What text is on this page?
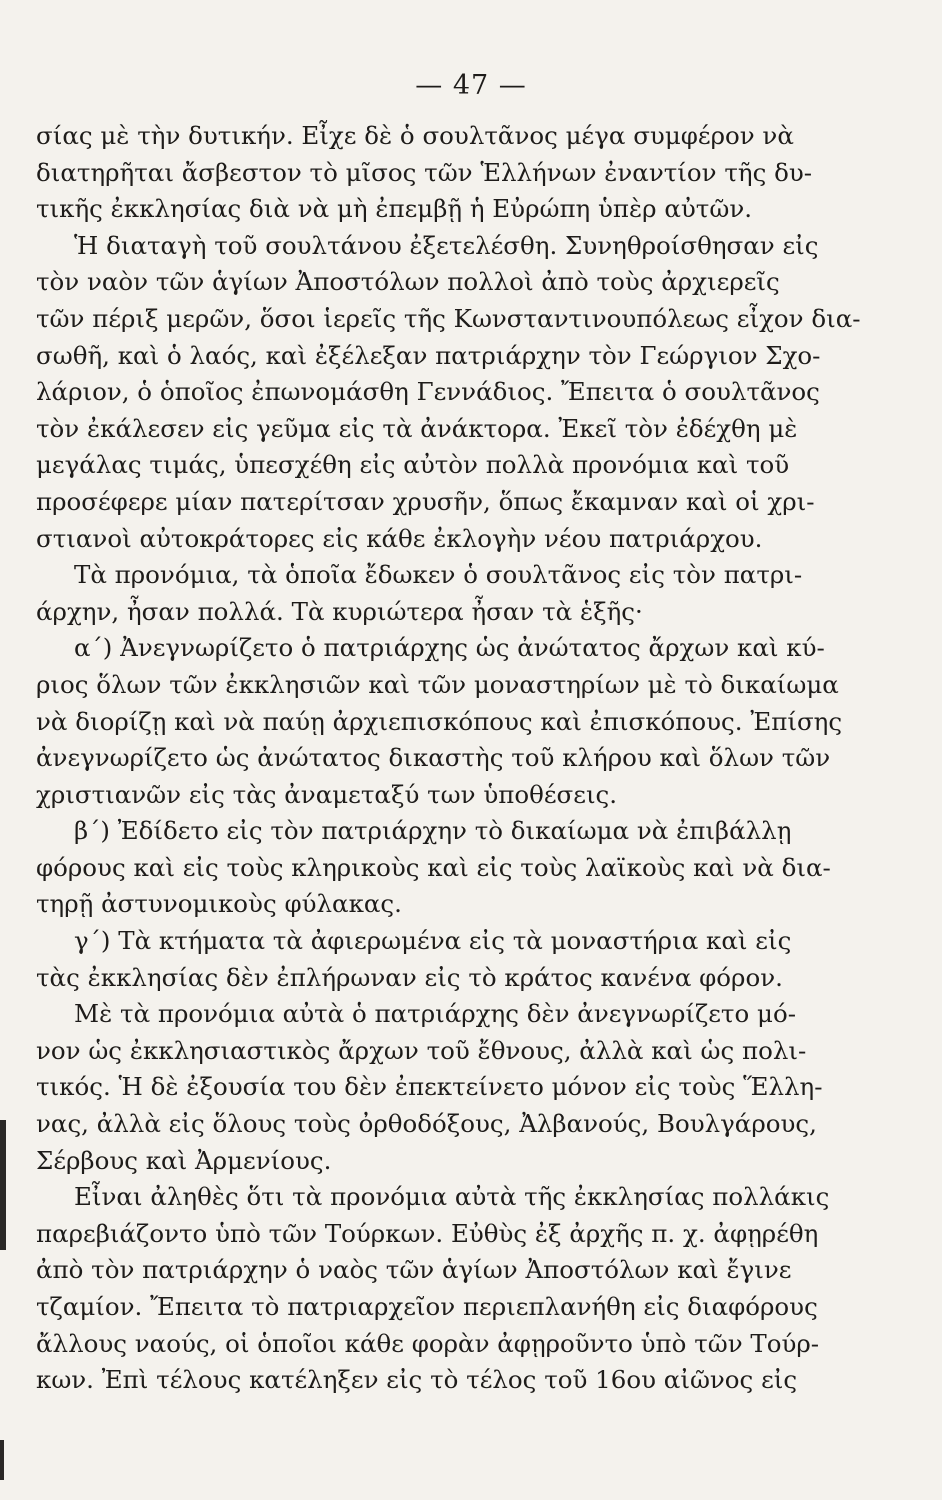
— 47 —
σίας μὲ τὴν δυτικήν. Εἶχε δὲ ὁ σουλτᾶνος μέγα συμφέρον νὰ
διατηρῆται ἄσβεστον τὸ μῖσος τῶν Ἑλλήνων ἐναντίον τῆς δυ-
τικῆς ἐκκλησίας διὰ νὰ μὴ ἐπεμβῇ ἡ Εὐρώπη ὑπὲρ αὐτῶν.
Ἡ διαταγὴ τοῦ σουλτάνου ἐξετελέσθη. Συνηθροίσθησαν εἰς
τὸν ναὸν τῶν ἁγίων Ἀποστόλων πολλοὶ ἀπὸ τοὺς ἀρχιερεῖς
τῶν πέριξ μερῶν, ὅσοι ἱερεῖς τῆς Κωνσταντινουπόλεως εἶχον δια-
σωθῆ, καὶ ὁ λαός, καὶ ἐξέλεξαν πατριάρχην τὸν Γεώργιον Σχο-
λάριον, ὁ ὁποῖος ἐπωνομάσθη Γεννάδιος. Ἔπειτα ὁ σουλτᾶνος
τὸν ἐκάλεσεν εἰς γεῦμα εἰς τὰ ἀνάκτορα. Ἐκεῖ τὸν ἐδέχθη μὲ
μεγάλας τιμάς, ὑπεσχέθη εἰς αὐτὸν πολλὰ προνόμια καὶ τοῦ
προσέφερε μίαν πατερίτσαν χρυσῆν, ὅπως ἔκαμναν καὶ οἱ χρι-
στιανοὶ αὐτοκράτορες εἰς κάθε ἐκλογὴν νέου πατριάρχου.
Τὰ προνόμια, τὰ ὁποῖα ἔδωκεν ὁ σουλτᾶνος εἰς τὸν πατρι-
άρχην, ἦσαν πολλά. Τὰ κυριώτερα ἦσαν τὰ ἑξῆς·
α΄) Ἀνεγνωρίζετο ὁ πατριάρχης ὡς ἀνώτατος ἄρχων καὶ κύ-
ριος ὅλων τῶν ἐκκλησιῶν καὶ τῶν μοναστηρίων μὲ τὸ δικαίωμα
νὰ διορίζῃ καὶ νὰ παύῃ ἀρχιεπισκόπους καὶ ἐπισκόπους. Ἐπίσης
ἀνεγνωρίζετο ὡς ἀνώτατος δικαστὴς τοῦ κλήρου καὶ ὅλων τῶν
χριστιανῶν εἰς τὰς ἀναμεταξύ των ὑποθέσεις.
β΄) Ἐδίδετο εἰς τὸν πατριάρχην τὸ δικαίωμα νὰ ἐπιβάλλῃ
φόρους καὶ εἰς τοὺς κληρικοὺς καὶ εἰς τοὺς λαϊκοὺς καὶ νὰ δια-
τηρῇ ἀστυνομικοὺς φύλακας.
γ΄) Τὰ κτήματα τὰ ἀφιερωμένα εἰς τὰ μοναστήρια καὶ εἰς
τὰς ἐκκλησίας δὲν ἐπλήρωναν εἰς τὸ κράτος κανένα φόρον.
Μὲ τὰ προνόμια αὐτὰ ὁ πατριάρχης δὲν ἀνεγνωρίζετο μό-
νον ὡς ἐκκλησιαστικὸς ἄρχων τοῦ ἔθνους, ἀλλὰ καὶ ὡς πολι-
τικός. Ἡ δὲ ἐξουσία του δὲν ἐπεκτείνετο μόνον εἰς τοὺς Ἕλλη-
νας, ἀλλὰ εἰς ὅλους τοὺς ὀρθοδόξους, Ἀλβανούς, Βουλγάρους,
Σέρβους καὶ Ἀρμενίους.
Εἶναι ἀληθὲς ὅτι τὰ προνόμια αὐτὰ τῆς ἐκκλησίας πολλάκις
παρεβιάζοντο ὑπὸ τῶν Τούρκων. Εὐθὺς ἐξ ἀρχῆς π. χ. ἀφῃρέθη
ἀπὸ τὸν πατριάρχην ὁ ναὸς τῶν ἁγίων Ἀποστόλων καὶ ἔγινε
τζαμίον. Ἔπειτα τὸ πατριαρχεῖον περιεπλανήθη εἰς διαφόρους
ἄλλους ναούς, οἱ ὁποῖοι κάθε φορὰν ἀφῃροῦντο ὑπὸ τῶν Τούρ-
κων. Ἐπὶ τέλους κατέληξεν εἰς τὸ τέλος τοῦ 16ου αἰῶνος εἰς
